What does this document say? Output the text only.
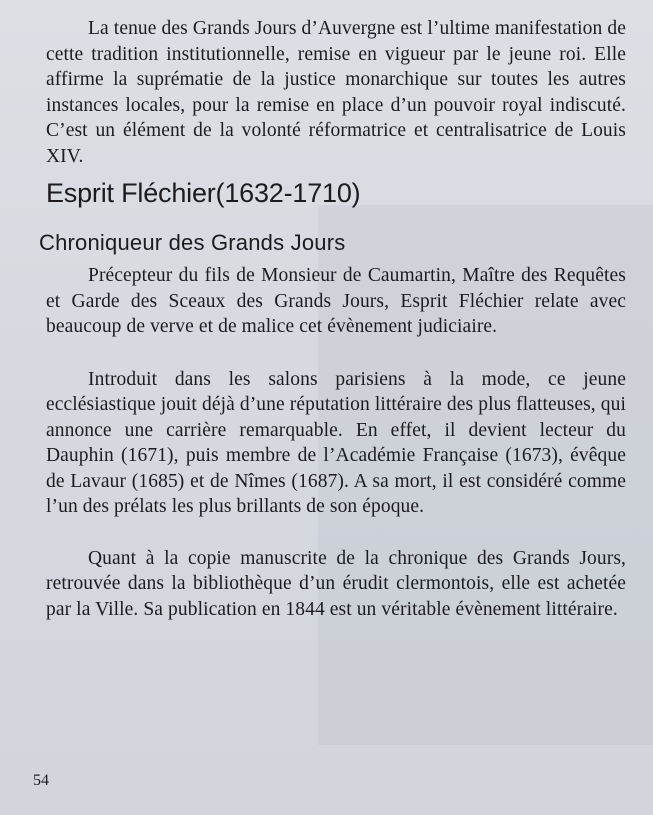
La tenue des Grands Jours d’Auvergne est l’ultime manifestation de cette tradition institutionnelle, remise en vigueur par le jeune roi. Elle affirme la suprématie de la justice monarchique sur toutes les autres instances locales, pour la remise en place d’un pouvoir royal indiscuté. C’est un élément de la volonté réformatrice et centralisatrice de Louis XIV.

Esprit Fléchier(1632-1710)
Chroniqueur des Grands Jours

Précepteur du fils de Monsieur de Caumartin, Maître des Requêtes et Garde des Sceaux des Grands Jours, Esprit Fléchier relate avec beaucoup de verve et de malice cet évènement judiciaire.

Introduit dans les salons parisiens à la mode, ce jeune ecclésiastique jouit déjà d’une réputation littéraire des plus flatteuses, qui annonce une carrière remarquable. En effet, il devient lecteur du Dauphin (1671), puis membre de l’Académie Française (1673), évêque de Lavaur (1685) et de Nîmes (1687). A sa mort, il est considéré comme l’un des prélats les plus brillants de son époque.

Quant à la copie manuscrite de la chronique des Grands Jours, retrouvée dans la bibliothèque d’un érudit clermontois, elle est achetée par la Ville. Sa publication en 1844 est un véritable évènement littéraire.

54
